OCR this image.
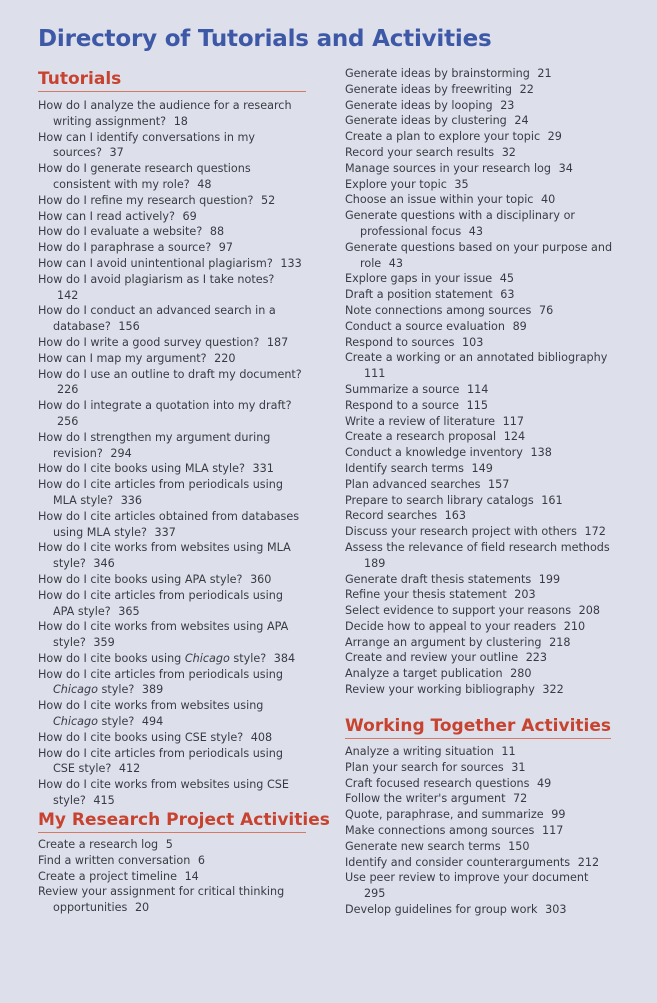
Directory of Tutorials and Activities
Tutorials
How do I analyze the audience for a research writing assignment? 18
How can I identify conversations in my sources? 37
How do I generate research questions consistent with my role? 48
How do I refine my research question? 52
How can I read actively? 69
How do I evaluate a website? 88
How do I paraphrase a source? 97
How can I avoid unintentional plagiarism? 133
How do I avoid plagiarism as I take notes? 142
How do I conduct an advanced search in a database? 156
How do I write a good survey question? 187
How can I map my argument? 220
How do I use an outline to draft my document? 226
How do I integrate a quotation into my draft? 256
How do I strengthen my argument during revision? 294
How do I cite books using MLA style? 331
How do I cite articles from periodicals using MLA style? 336
How do I cite articles obtained from databases using MLA style? 337
How do I cite works from websites using MLA style? 346
How do I cite books using APA style? 360
How do I cite articles from periodicals using APA style? 365
How do I cite works from websites using APA style? 359
How do I cite books using Chicago style? 384
How do I cite articles from periodicals using Chicago style? 389
How do I cite works from websites using Chicago style? 494
How do I cite books using CSE style? 408
How do I cite articles from periodicals using CSE style? 412
How do I cite works from websites using CSE style? 415
My Research Project Activities
Create a research log 5
Find a written conversation 6
Create a project timeline 14
Review your assignment for critical thinking opportunities 20
Generate ideas by brainstorming 21
Generate ideas by freewriting 22
Generate ideas by looping 23
Generate ideas by clustering 24
Create a plan to explore your topic 29
Record your search results 32
Manage sources in your research log 34
Explore your topic 35
Choose an issue within your topic 40
Generate questions with a disciplinary or professional focus 43
Generate questions based on your purpose and role 43
Explore gaps in your issue 45
Draft a position statement 63
Note connections among sources 76
Conduct a source evaluation 89
Respond to sources 103
Create a working or an annotated bibliography 111
Summarize a source 114
Respond to a source 115
Write a review of literature 117
Create a research proposal 124
Conduct a knowledge inventory 138
Identify search terms 149
Plan advanced searches 157
Prepare to search library catalogs 161
Record searches 163
Discuss your research project with others 172
Assess the relevance of field research methods 189
Generate draft thesis statements 199
Refine your thesis statement 203
Select evidence to support your reasons 208
Decide how to appeal to your readers 210
Arrange an argument by clustering 218
Create and review your outline 223
Analyze a target publication 280
Review your working bibliography 322
Working Together Activities
Analyze a writing situation 11
Plan your search for sources 31
Craft focused research questions 49
Follow the writer's argument 72
Quote, paraphrase, and summarize 99
Make connections among sources 117
Generate new search terms 150
Identify and consider counterarguments 212
Use peer review to improve your document 295
Develop guidelines for group work 303
